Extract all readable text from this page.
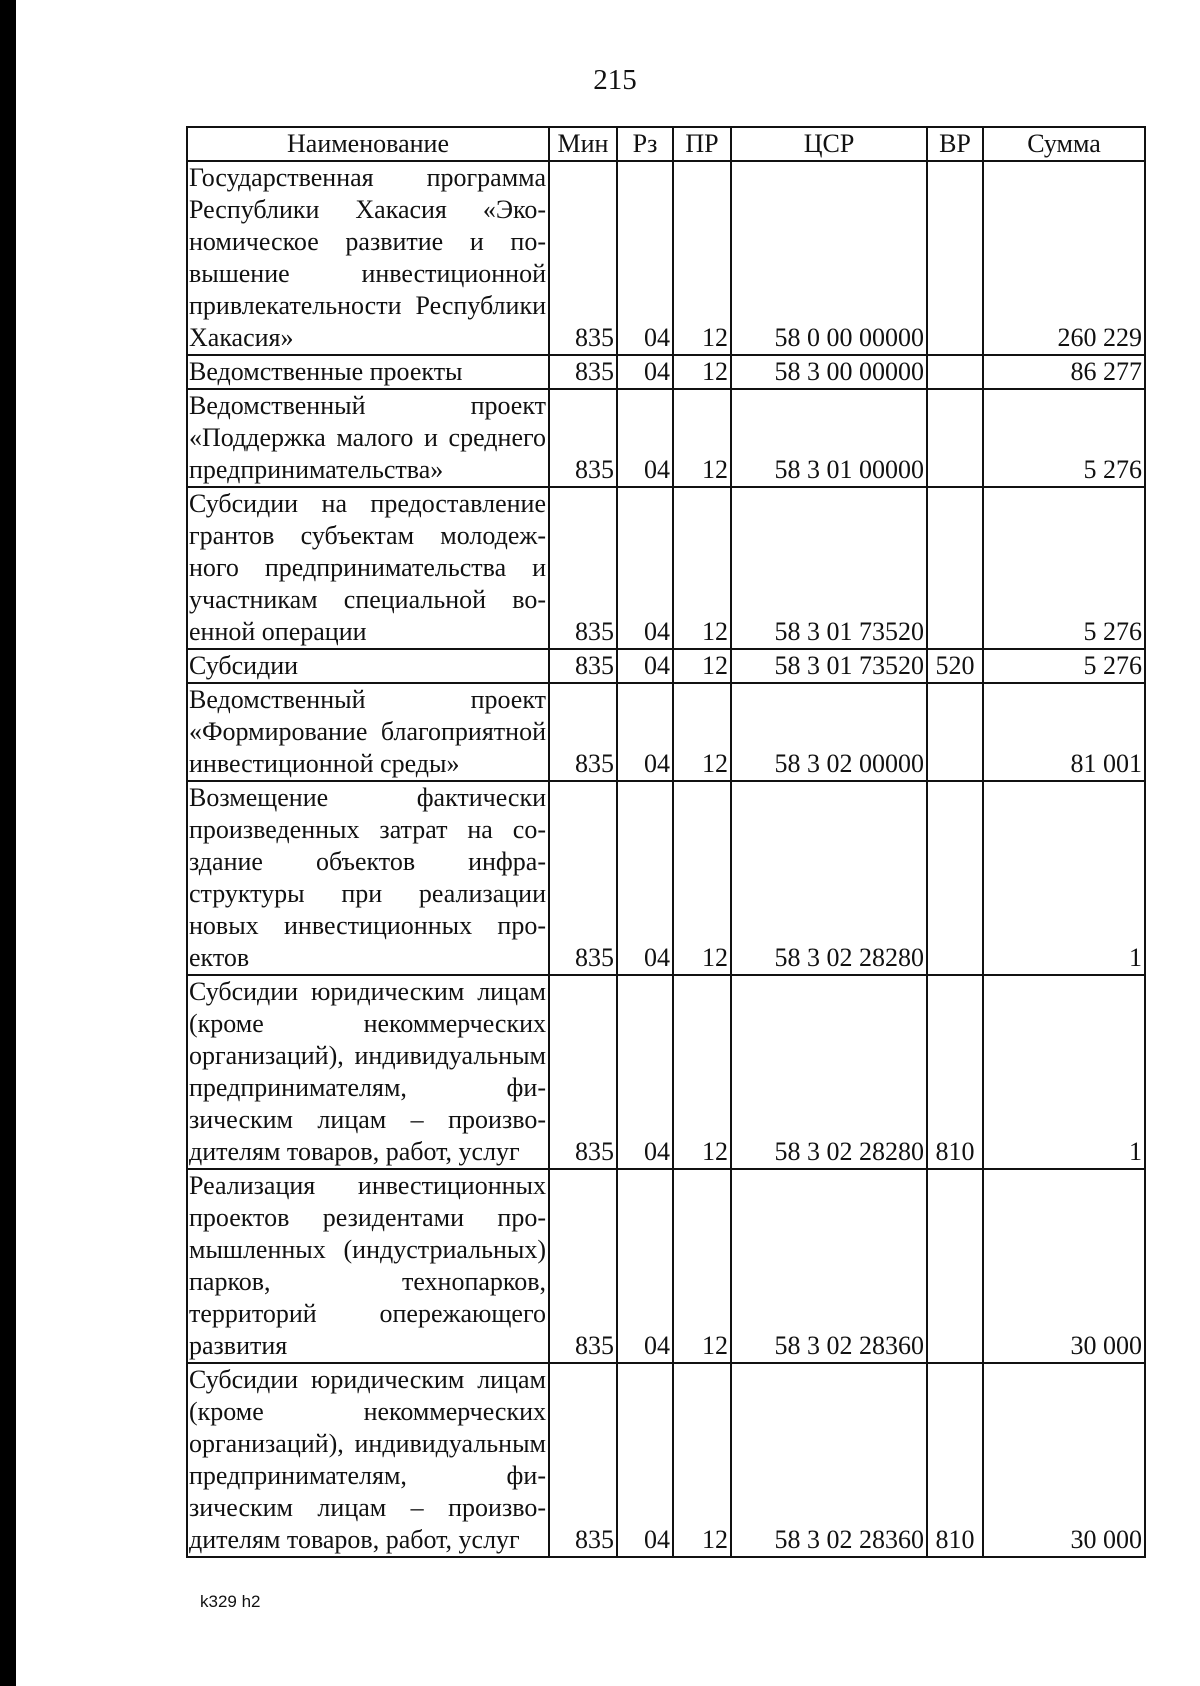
215
Наименование	Мин	Рз	ПР	ЦСР	ВР	Сумма
Государственная программа Республики Хакасия «Экономическое развитие и повышение инвестиционной привлекательности Республики Хакасия»	835	04	12	58 0 00 00000		260 229
Ведомственные проекты	835	04	12	58 3 00 00000		86 277
Ведомственный проект «Поддержка малого и среднего предпринимательства»	835	04	12	58 3 01 00000		5 276
Субсидии на предоставление грантов субъектам молодежного предпринимательства и участникам специальной военной операции	835	04	12	58 3 01 73520		5 276
Субсидии	835	04	12	58 3 01 73520	520	5 276
Ведомственный проект «Формирование благоприятной инвестиционной среды»	835	04	12	58 3 02 00000		81 001
Возмещение фактически произведенных затрат на создание объектов инфраструктуры при реализации новых инвестиционных проектов	835	04	12	58 3 02 28280		1
Субсидии юридическим лицам (кроме некоммерческих организаций), индивидуальным предпринимателям, физическим лицам – производителям товаров, работ, услуг	835	04	12	58 3 02 28280	810	1
Реализация инвестиционных проектов резидентами промышленных (индустриальных) парков, технопарков, территорий опережающего развития	835	04	12	58 3 02 28360		30 000
Субсидии юридическим лицам (кроме некоммерческих организаций), индивидуальным предпринимателям, физическим лицам – производителям товаров, работ, услуг	835	04	12	58 3 02 28360	810	30 000
k329 h2
